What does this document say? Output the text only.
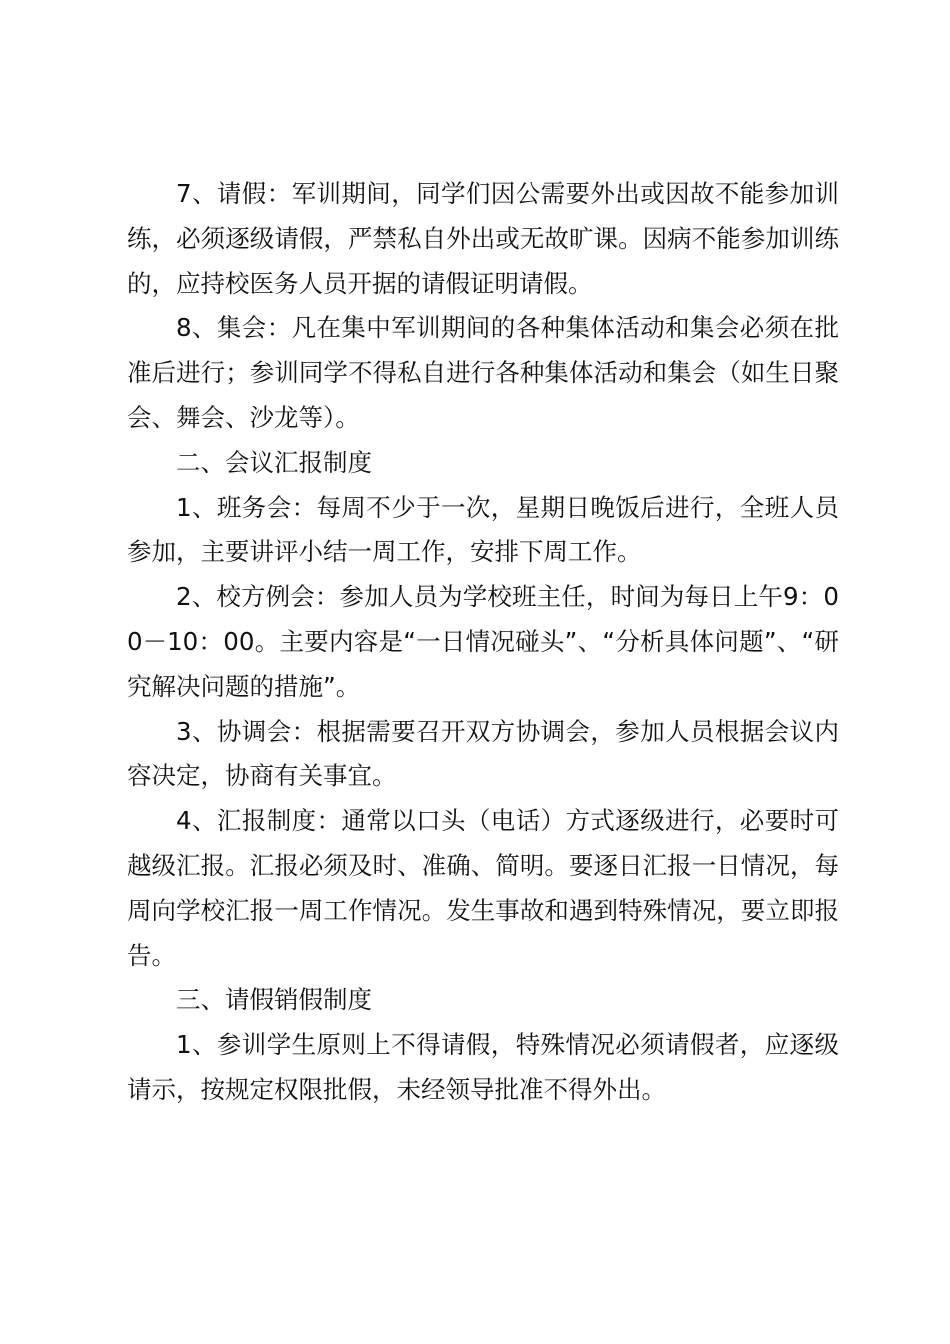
7、请假：军训期间，同学们因公需要外出或因故不能参加训练，必须逐级请假，严禁私自外出或无故旷课。因病不能参加训练的，应持校医务人员开据的请假证明请假。

8、集会：凡在集中军训期间的各种集体活动和集会必须在批准后进行；参训同学不得私自进行各种集体活动和集会（如生日聚会、舞会、沙龙等）。

二、会议汇报制度

1、班务会：每周不少于一次，星期日晚饭后进行，全班人员参加，主要讲评小结一周工作，安排下周工作。

2、校方例会：参加人员为学校班主任，时间为每日上午9：00－10：00。主要内容是“一日情况碰头”、“分析具体问题”、“研究解决问题的措施”。

3、协调会：根据需要召开双方协调会，参加人员根据会议内容决定，协商有关事宜。

4、汇报制度：通常以口头（电话）方式逐级进行，必要时可越级汇报。汇报必须及时、准确、简明。要逐日汇报一日情况，每周向学校汇报一周工作情况。发生事故和遇到特殊情况，要立即报告。

三、请假销假制度

1、参训学生原则上不得请假，特殊情况必须请假者，应逐级请示，按规定权限批假，未经领导批准不得外出。
